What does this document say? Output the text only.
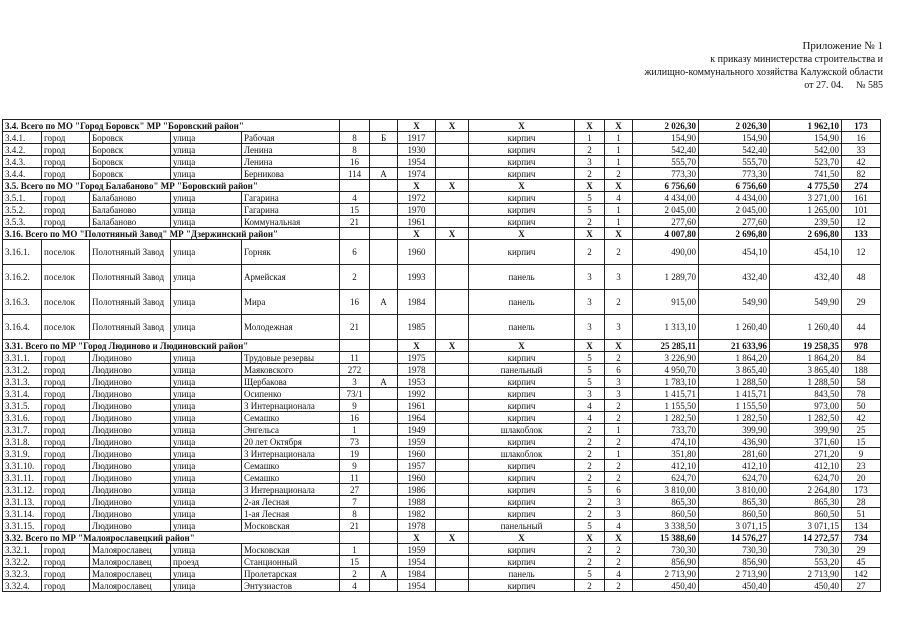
Приложение № 1
к приказу министерства строительства и
жилищно-коммунального хозяйства Калужской области
от 27. 04. № 585
3.4. Всего по МО "Город Боровск" МР "Боровский район"							X	X	X	X	X	2 026,30	2 026,30	1 962,10	173
3.4.1.	город	Боровск	улица	Рабочая	8	Б	1917		кирпич	1	1	154,90	154,90	154,90	16
3.4.2.	город	Боровск	улица	Ленина	8		1930		кирпич	2	1	542,40	542,40	542,00	33
3.4.3.	город	Боровск	улица	Ленина	16		1954		кирпич	3	1	555,70	555,70	523,70	42
3.4.4.	город	Боровск	улица	Берникова	114	А	1974		кирпич	2	2	773,30	773,30	741,50	82
3.5. Всего по МО "Город Балабаново" МР "Боровский район"							X	X	X	X	X	6 756,60	6 756,60	4 775,50	274
3.5.1.	город	Балабаново	улица	Гагарина	4		1972		кирпич	5	4	4 434,00	4 434,00	3 271,00	161
3.5.2.	город	Балабаново	улица	Гагарина	15		1970		кирпич	5	1	2 045,00	2 045,00	1 265,00	101
3.5.3.	город	Балабаново	улица	Коммунальная	21		1961		кирпич	2	1	277,60	277,60	239,50	12
3.16. Всего по МО "Полотняный Завод" МР "Дзержинский район"							X	X	X	X	X	4 007,80	2 696,80	2 696,80	133
3.16.1.	поселок	Полотняный Завод	улица	Горняк	6		1960		кирпич	2	2	490,00	454,10	454,10	12
3.16.2.	поселок	Полотняный Завод	улица	Армейская	2		1993		панель	3	3	1 289,70	432,40	432,40	48
3.16.3.	поселок	Полотняный Завод	улица	Мира	16	А	1984		панель	3	2	915,00	549,90	549,90	29
3.16.4.	поселок	Полотняный Завод	улица	Молодежная	21		1985		панель	3	3	1 313,10	1 260,40	1 260,40	44
3.31. Всего по МР "Город Людиново и Людиновский район"							X	X	X	X	X	25 285,11	21 633,96	19 258,35	978
3.31.1.	город	Людиново	улица	Трудовые резервы	11		1975		кирпич	5	2	3 226,90	1 864,20	1 864,20	84
3.31.2.	город	Людиново	улица	Маяковского	272		1978		панельный	5	6	4 950,70	3 865,40	3 865,40	188
3.31.3.	город	Людиново	улица	Щербакова	3	А	1953		кирпич	5	3	1 783,10	1 288,50	1 288,50	58
3.31.4.	город	Людиново	улица	Осипенко	73/1		1992		кирпич	3	3	1 415,71	1 415,71	843,50	78
3.31.5.	город	Людиново	улица	3 Интернационала	9		1961		кирпич	4	2	1 155,50	1 155,50	973,00	50
3.31.6.	город	Людиново	улица	Семашко	16		1964		кирпич	4	2	1 282,50	1 282,50	1 282,50	42
3.31.7.	город	Людиново	улица	Энгельса	1		1949		шлакоблок	2	1	733,70	399,90	399,90	25
3.31.8.	город	Людиново	улица	20 лет Октября	73		1959		кирпич	2	2	474,10	436,90	371,60	15
3.31.9.	город	Людиново	улица	3 Интернационала	19		1960		шлакоблок	2	1	351,80	281,60	271,20	9
3.31.10.	город	Людиново	улица	Семашко	9		1957		кирпич	2	2	412,10	412,10	412,10	23
3.31.11.	город	Людиново	улица	Семашко	11		1960		кирпич	2	2	624,70	624,70	624,70	20
3.31.12.	город	Людиново	улица	3 Интернационала	27		1986		кирпич	5	6	3 810,00	3 810,00	2 264,80	173
3.31.13.	город	Людиново	улица	2-ая Лесная	7		1988		кирпич	2	3	865,30	865,30	865,30	28
3.31.14.	город	Людиново	улица	1-ая Лесная	8		1982		кирпич	2	3	860,50	860,50	860,50	51
3.31.15.	город	Людиново	улица	Московская	21		1978		панельный	5	4	3 338,50	3 071,15	3 071,15	134
3.32. Всего по МР "Малоярославецкий район"							X	X	X	X	X	15 388,60	14 576,27	14 272,57	734
3.32.1.	город	Малоярославец	улица	Московская	1		1959		кирпич	2	2	730,30	730,30	730,30	29
3.32.2.	город	Малоярославец	проезд	Станционный	15		1954		кирпич	2	2	856,90	856,90	553,20	45
3.32.3.	город	Малоярославец	улица	Пролетарская	2	А	1984		панель	5	4	2 713,90	2 713,90	2 713,90	142
3.32.4.	город	Малоярославец	улица	Энтузиастов	4		1954		кирпич	2	2	450,40	450,40	450,40	27
